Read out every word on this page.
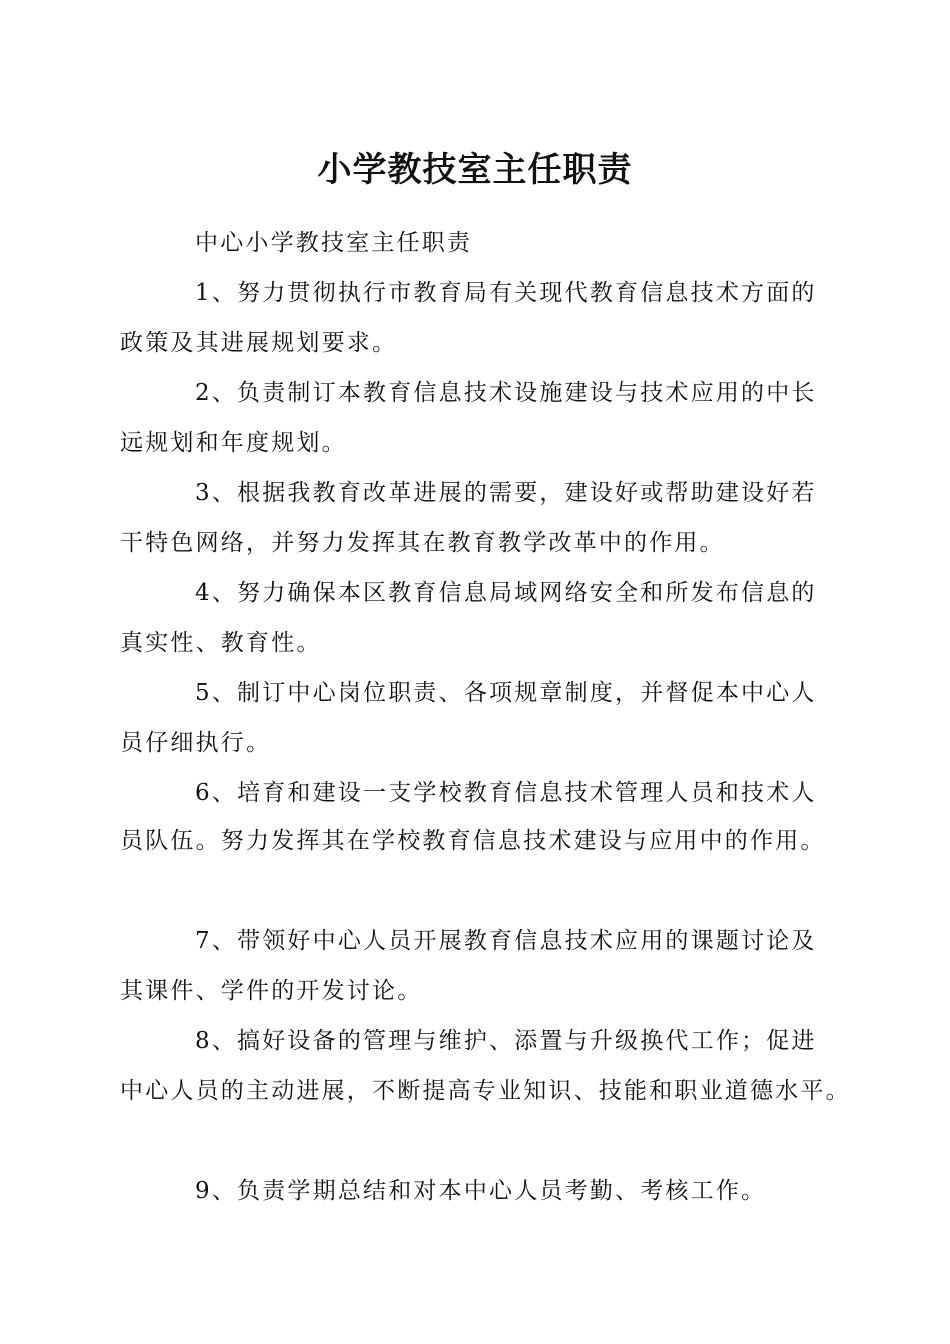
小学教技室主任职责
中心小学教技室主任职责
1、努力贯彻执行市教育局有关现代教育信息技术方面的
政策及其进展规划要求。
2、负责制订本教育信息技术设施建设与技术应用的中长
远规划和年度规划。
3、根据我教育改革进展的需要，建设好或帮助建设好若
干特色网络，并努力发挥其在教育教学改革中的作用。
4、努力确保本区教育信息局域网络安全和所发布信息的
真实性、教育性。
5、制订中心岗位职责、各项规章制度，并督促本中心人
员仔细执行。
6、培育和建设一支学校教育信息技术管理人员和技术人
员队伍。努力发挥其在学校教育信息技术建设与应用中的作用。
7、带领好中心人员开展教育信息技术应用的课题讨论及
其课件、学件的开发讨论。
8、搞好设备的管理与维护、添置与升级换代工作；促进
中心人员的主动进展，不断提高专业知识、技能和职业道德水平。
9、负责学期总结和对本中心人员考勤、考核工作。
